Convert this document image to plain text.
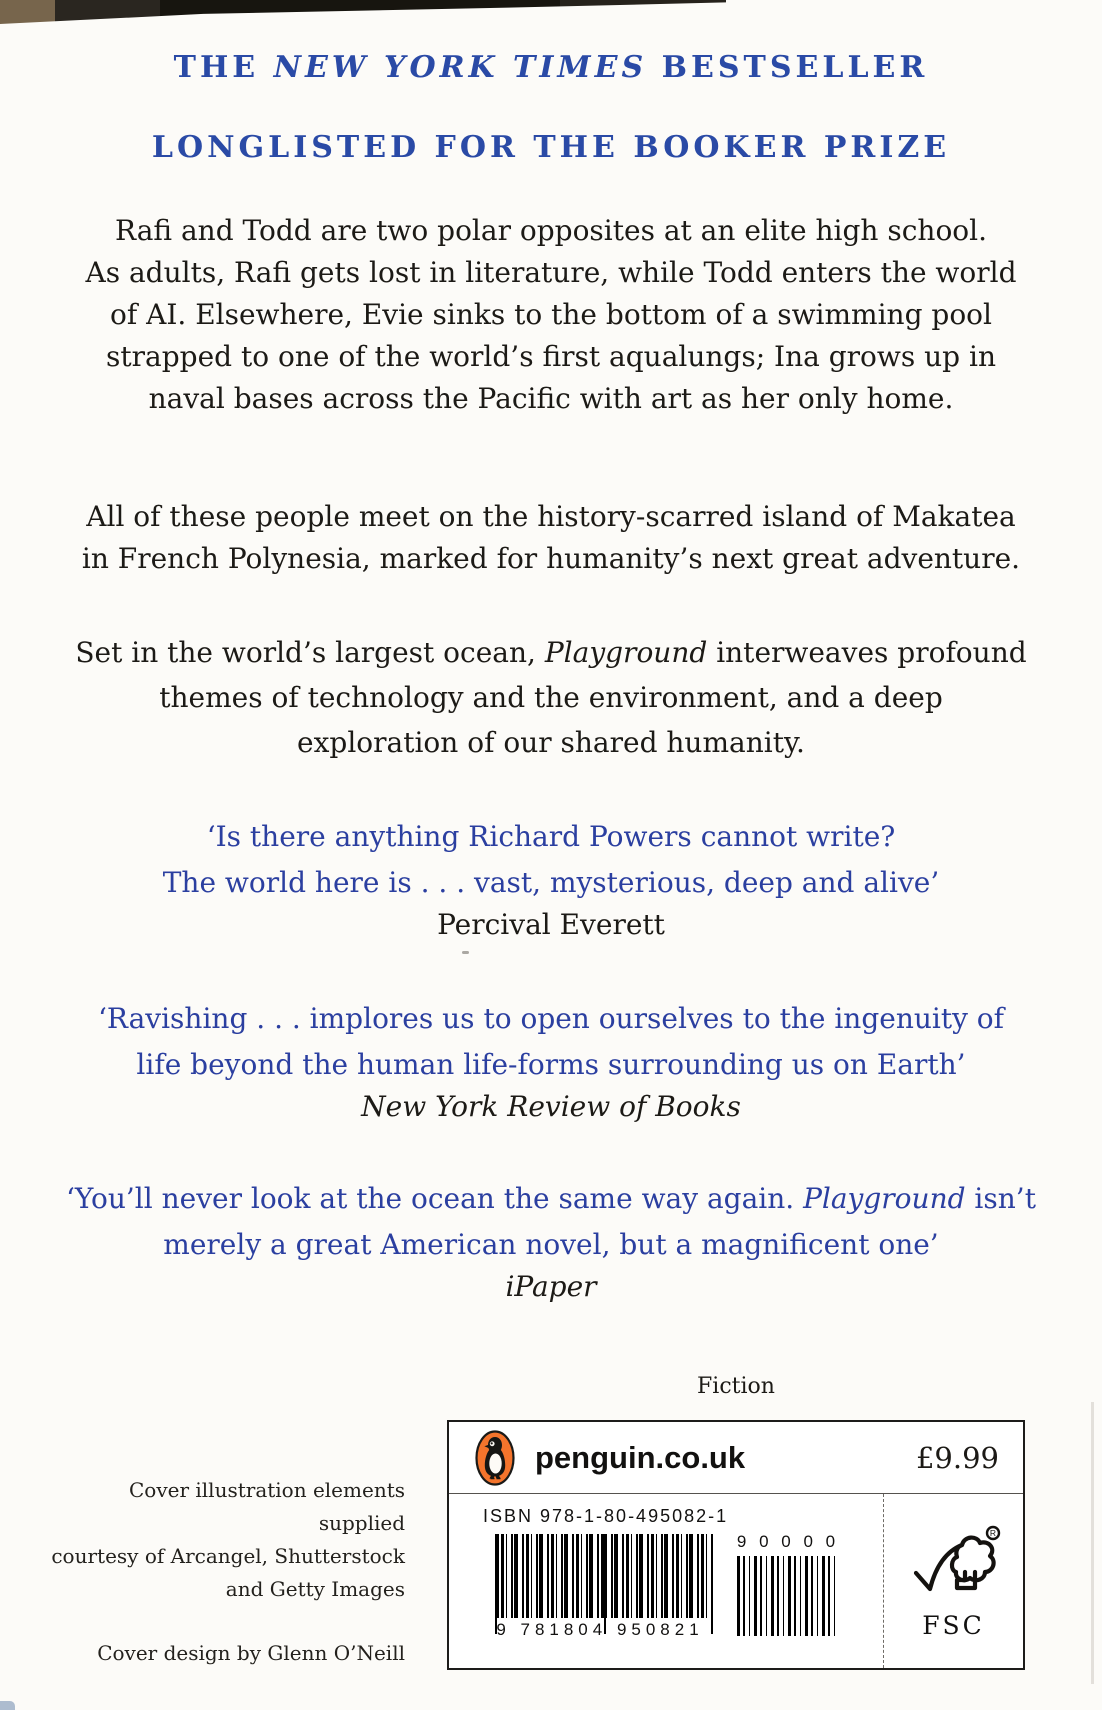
THE NEW YORK TIMES BESTSELLER
LONGLISTED FOR THE BOOKER PRIZE
Rafi and Todd are two polar opposites at an elite high school.
As adults, Rafi gets lost in literature, while Todd enters the world
of AI. Elsewhere, Evie sinks to the bottom of a swimming pool
strapped to one of the world’s first aqualungs; Ina grows up in
naval bases across the Pacific with art as her only home.
All of these people meet on the history-scarred island of Makatea
in French Polynesia, marked for humanity’s next great adventure.
Set in the world’s largest ocean, Playground interweaves profound
themes of technology and the environment, and a deep
exploration of our shared humanity.
‘Is there anything Richard Powers cannot write?
The world here is . . . vast, mysterious, deep and alive’
Percival Everett
‘Ravishing . . . implores us to open ourselves to the ingenuity of
life beyond the human life-forms surrounding us on Earth’
New York Review of Books
‘You’ll never look at the ocean the same way again. Playground isn’t
merely a great American novel, but a magnificent one’
iPaper
Fiction
penguin.co.uk	£9.99
ISBN 978-1-80-495082-1
9 781804 950821
9 0 0 0 0	R
FSC
Cover illustration elements supplied
courtesy of Arcangel, Shutterstock
and Getty Images
Cover design by Glenn O’Neill
